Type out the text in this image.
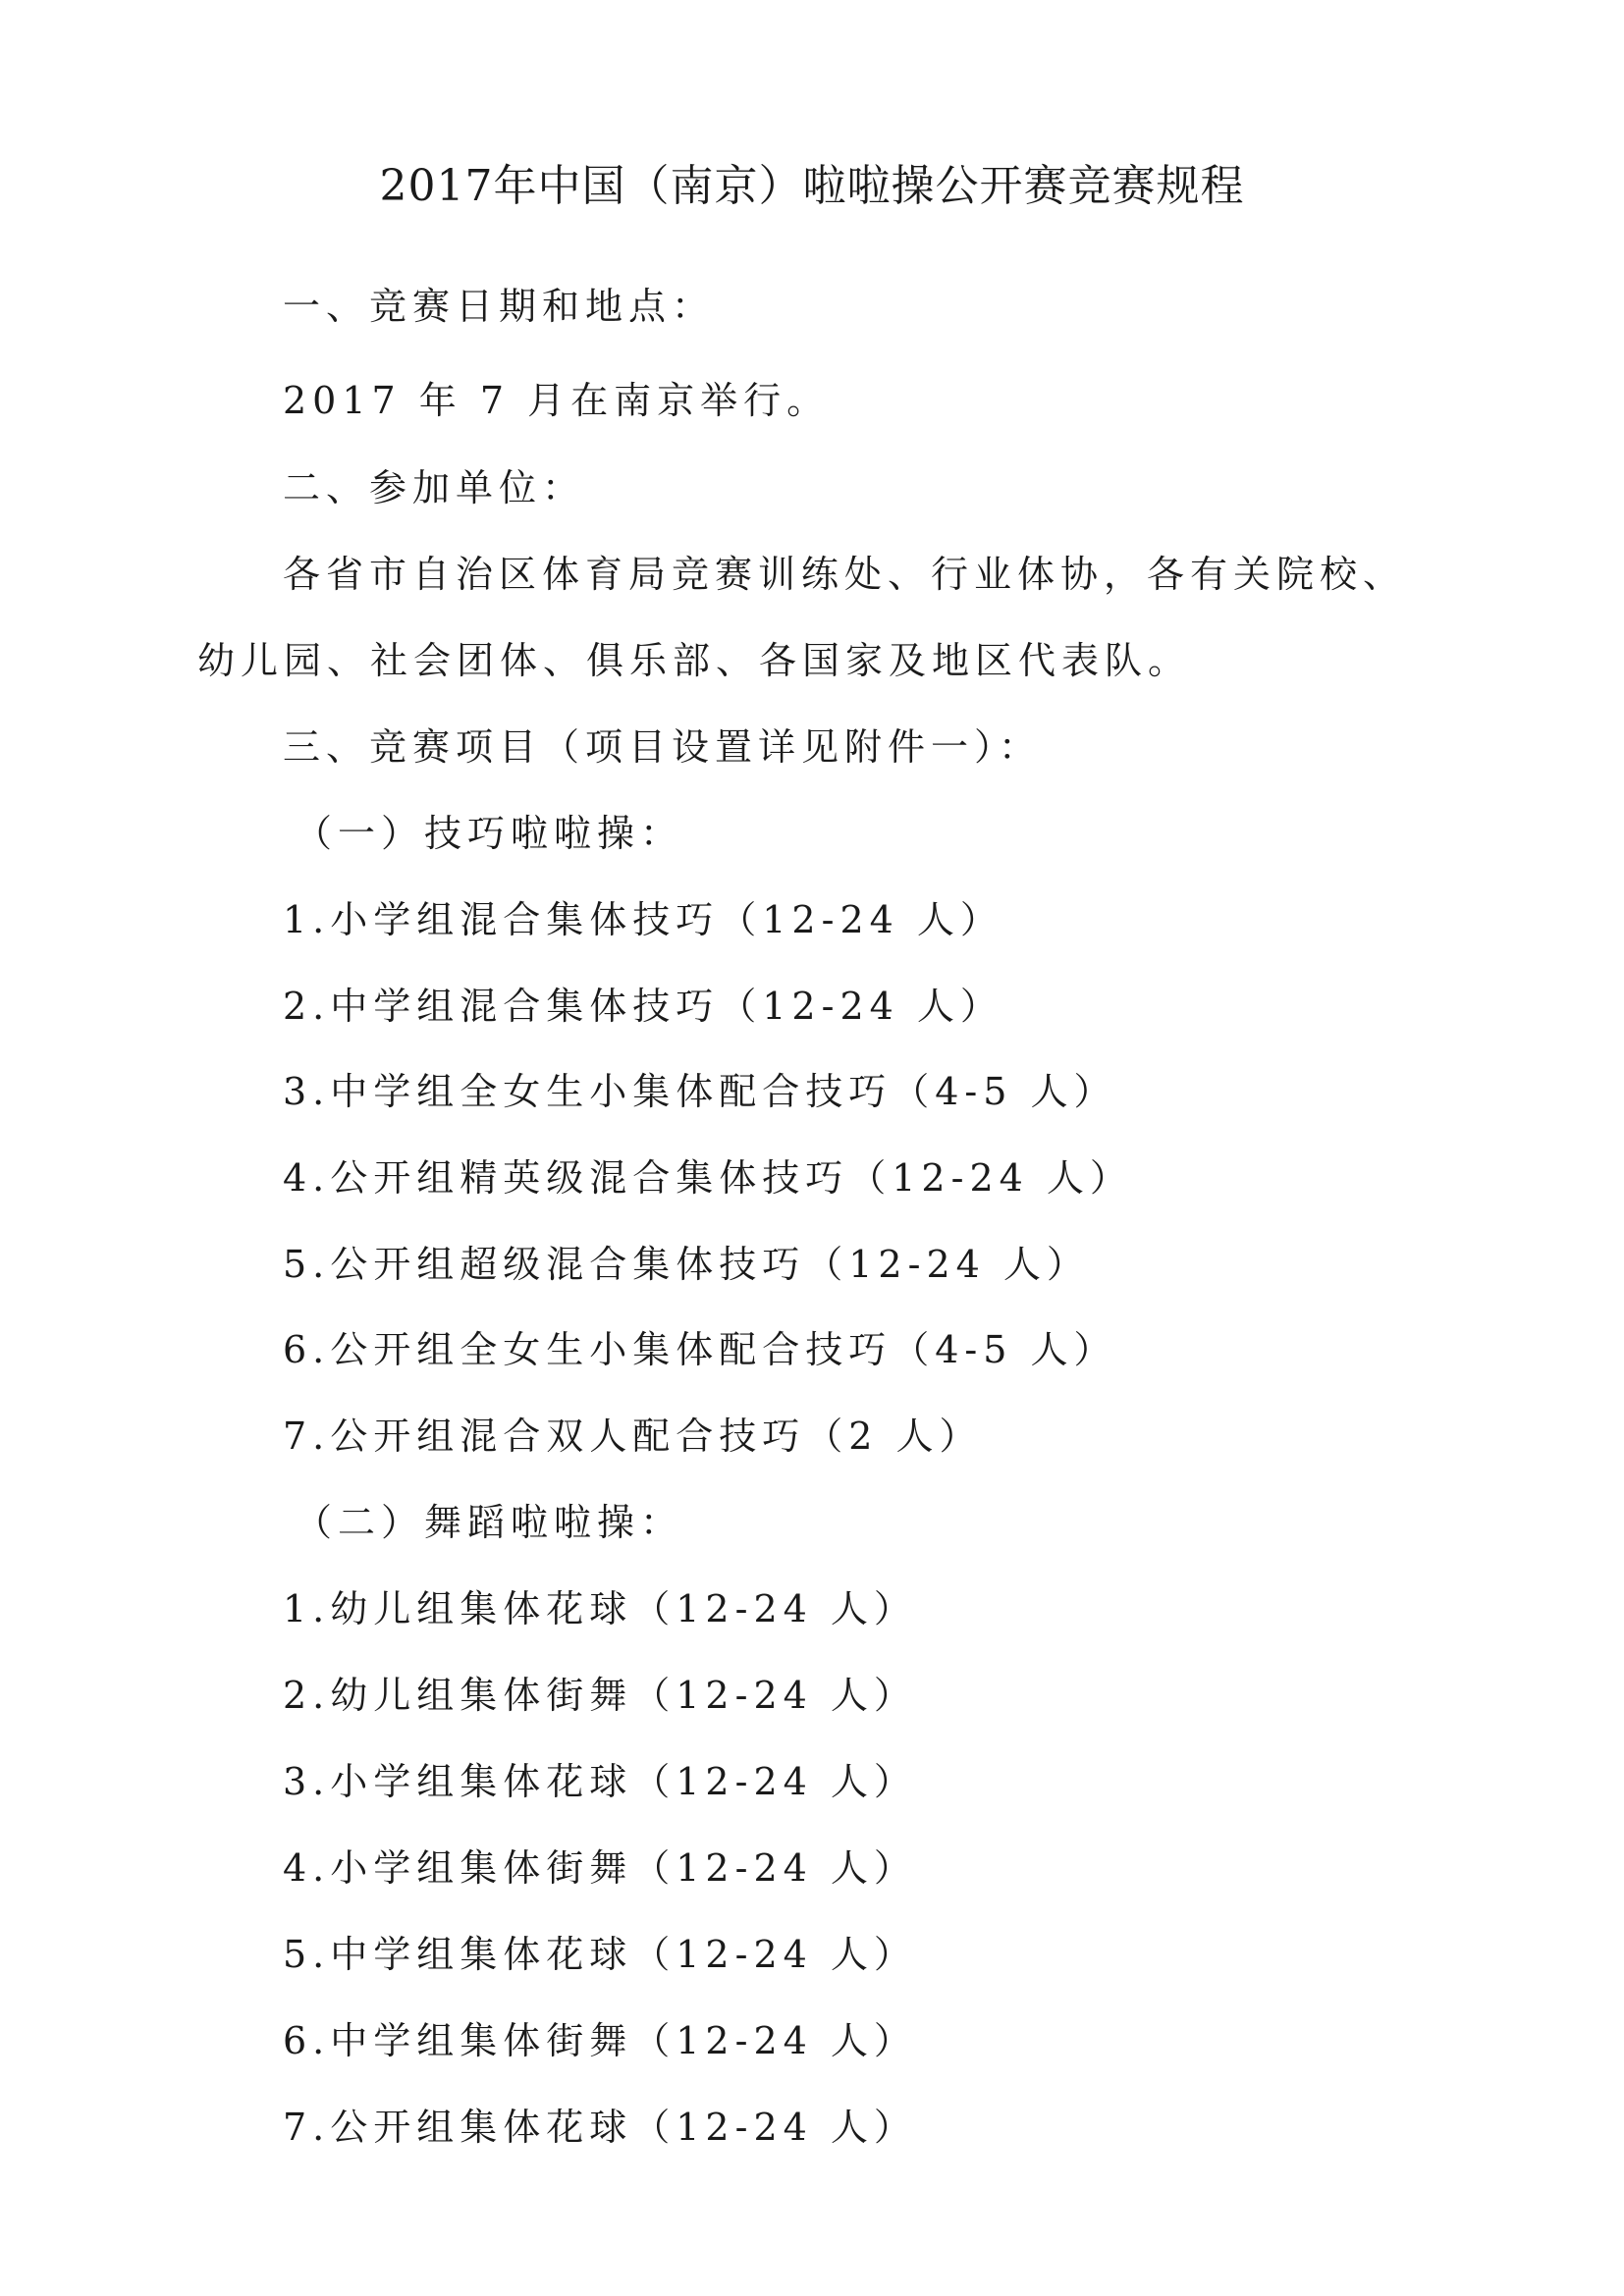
2017年中国（南京）啦啦操公开赛竞赛规程
一、竞赛日期和地点：
2017 年 7 月在南京举行。
二、参加单位：
各省市自治区体育局竞赛训练处、行业体协，各有关院校、
幼儿园、社会团体、俱乐部、各国家及地区代表队。
三、竞赛项目（项目设置详见附件一）：
（一）技巧啦啦操：
1.小学组混合集体技巧（12-24 人）
2.中学组混合集体技巧（12-24 人）
3.中学组全女生小集体配合技巧（4-5 人）
4.公开组精英级混合集体技巧（12-24 人）
5.公开组超级混合集体技巧（12-24 人）
6.公开组全女生小集体配合技巧（4-5 人）
7.公开组混合双人配合技巧（2 人）
（二）舞蹈啦啦操：
1.幼儿组集体花球（12-24 人）
2.幼儿组集体街舞（12-24 人）
3.小学组集体花球（12-24 人）
4.小学组集体街舞（12-24 人）
5.中学组集体花球（12-24 人）
6.中学组集体街舞（12-24 人）
7.公开组集体花球（12-24 人）
